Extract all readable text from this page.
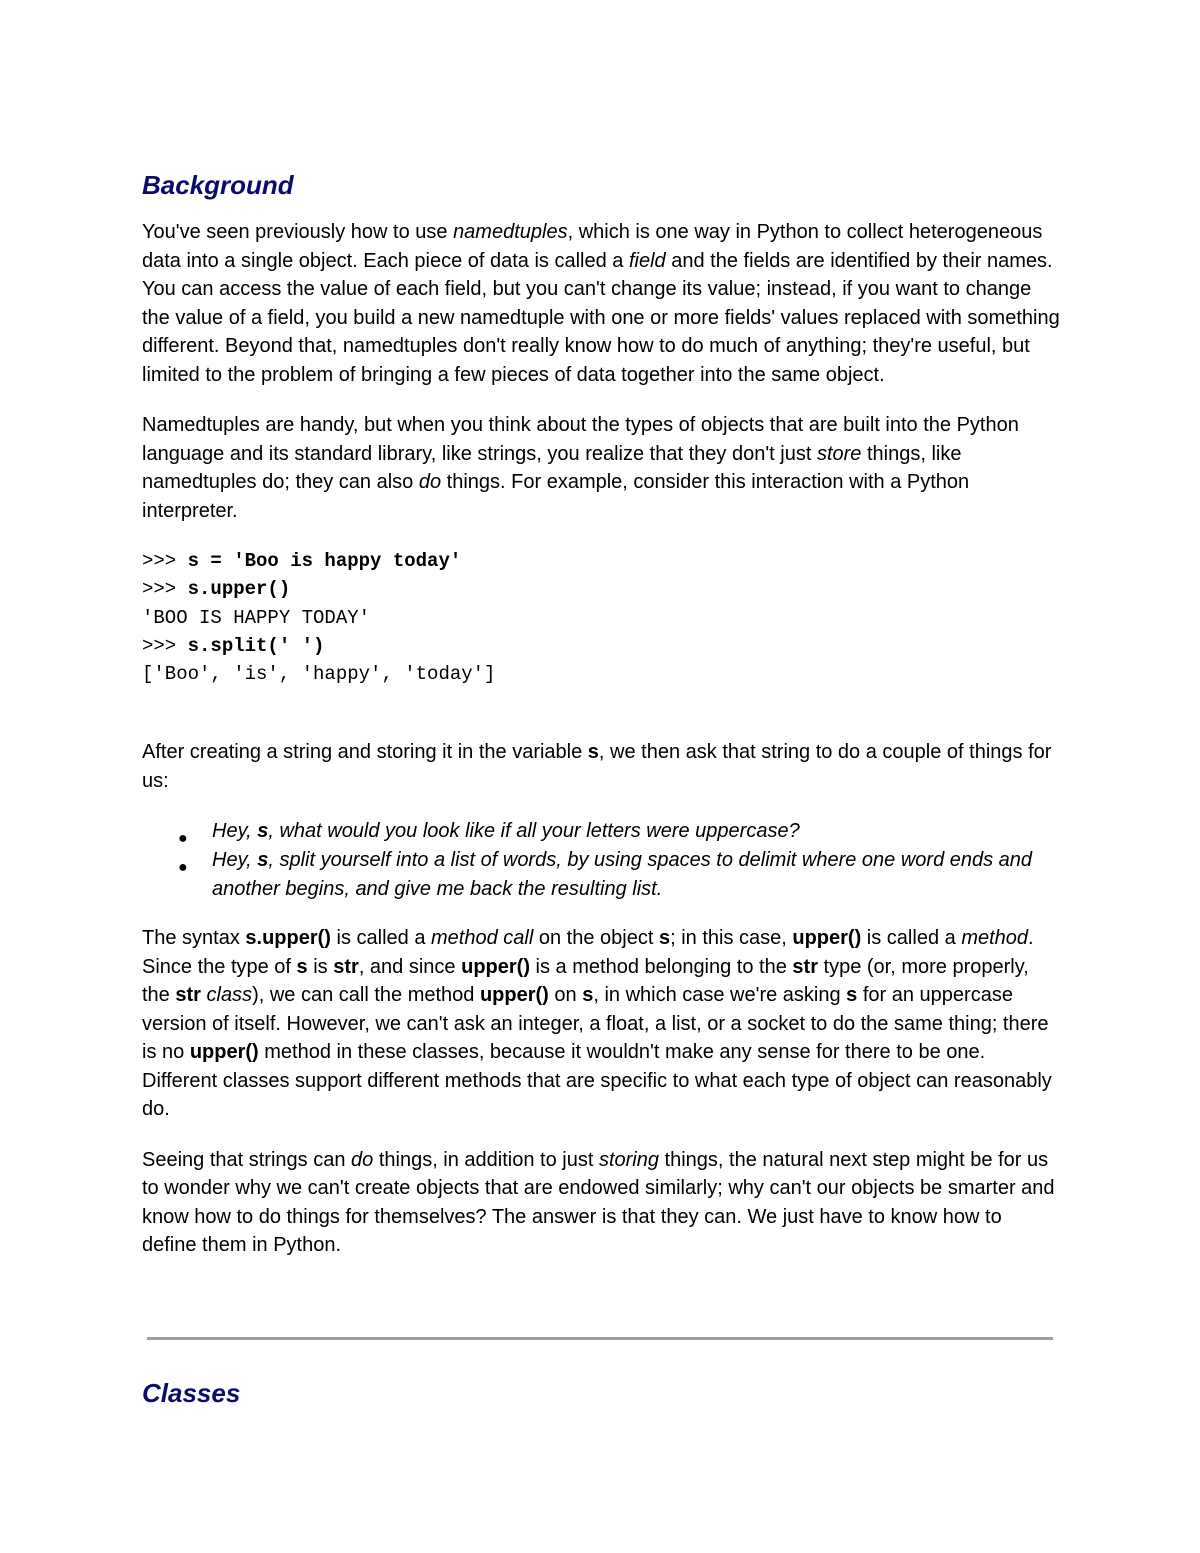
Background

You've seen previously how to use namedtuples, which is one way in Python to collect heterogeneous data into a single object. Each piece of data is called a field and the fields are identified by their names. You can access the value of each field, but you can't change its value; instead, if you want to change the value of a field, you build a new namedtuple with one or more fields' values replaced with something different. Beyond that, namedtuples don't really know how to do much of anything; they're useful, but limited to the problem of bringing a few pieces of data together into the same object.

Namedtuples are handy, but when you think about the types of objects that are built into the Python language and its standard library, like strings, you realize that they don't just store things, like namedtuples do; they can also do things. For example, consider this interaction with a Python interpreter.

>>> s = 'Boo is happy today'
>>> s.upper()
'BOO IS HAPPY TODAY'
>>> s.split(' ')
['Boo', 'is', 'happy', 'today']

After creating a string and storing it in the variable s, we then ask that string to do a couple of things for us:

● Hey, s, what would you look like if all your letters were uppercase?
● Hey, s, split yourself into a list of words, by using spaces to delimit where one word ends and another begins, and give me back the resulting list.

The syntax s.upper() is called a method call on the object s; in this case, upper() is called a method. Since the type of s is str, and since upper() is a method belonging to the str type (or, more properly, the str class), we can call the method upper() on s, in which case we're asking s for an uppercase version of itself. However, we can't ask an integer, a float, a list, or a socket to do the same thing; there is no upper() method in these classes, because it wouldn't make any sense for there to be one. Different classes support different methods that are specific to what each type of object can reasonably do.

Seeing that strings can do things, in addition to just storing things, the natural next step might be for us to wonder why we can't create objects that are endowed similarly; why can't our objects be smarter and know how to do things for themselves? The answer is that they can. We just have to know how to define them in Python.

Classes
